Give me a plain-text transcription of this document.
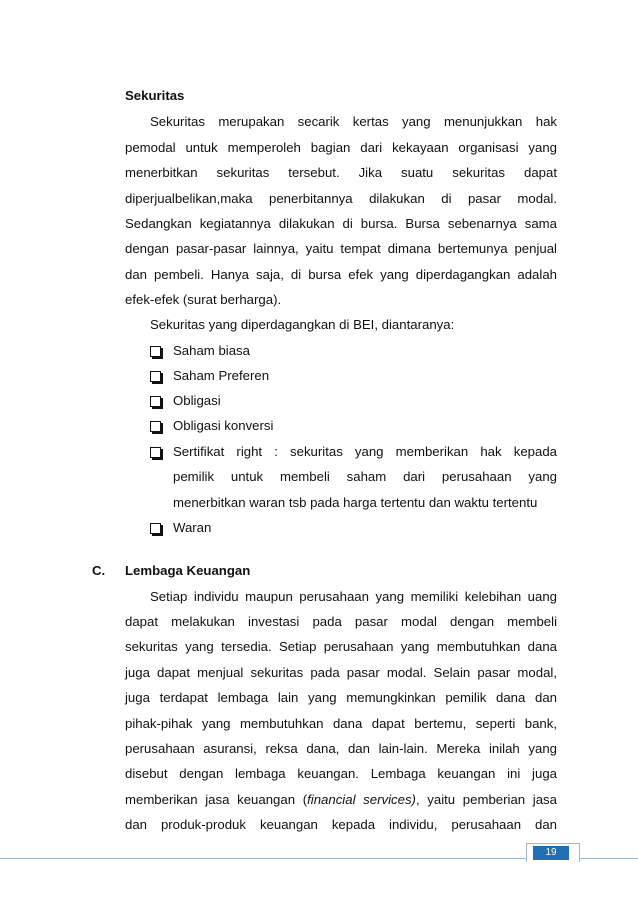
Sekuritas
Sekuritas merupakan secarik kertas yang menunjukkan hak
pemodal untuk memperoleh bagian dari kekayaan organisasi yang
menerbitkan sekuritas tersebut. Jika suatu sekuritas dapat
diperjualbelikan,maka penerbitannya dilakukan di pasar modal.
Sedangkan kegiatannya dilakukan di bursa. Bursa sebenarnya sama
dengan pasar-pasar lainnya, yaitu tempat dimana bertemunya penjual
dan pembeli. Hanya saja, di bursa efek yang diperdagangkan adalah
efek-efek (surat berharga).
Sekuritas yang diperdagangkan di BEI, diantaranya:
Saham biasa
Saham Preferen
Obligasi
Obligasi konversi
Sertifikat right : sekuritas yang memberikan hak kepada
pemilik untuk membeli saham dari perusahaan yang
menerbitkan waran tsb pada harga tertentu dan waktu tertentu
Waran
C. Lembaga Keuangan
Setiap individu maupun perusahaan yang memiliki kelebihan uang
dapat melakukan investasi pada pasar modal dengan membeli
sekuritas yang tersedia. Setiap perusahaan yang membutuhkan dana
juga dapat menjual sekuritas pada pasar modal. Selain pasar modal,
juga terdapat lembaga lain yang memungkinkan pemilik dana dan
pihak-pihak yang membutuhkan dana dapat bertemu, seperti bank,
perusahaan asuransi, reksa dana, dan lain-lain. Mereka inilah yang
disebut dengan lembaga keuangan. Lembaga keuangan ini juga
memberikan jasa keuangan (financial services), yaitu pemberian jasa
dan produk-produk keuangan kepada individu, perusahaan dan
19
